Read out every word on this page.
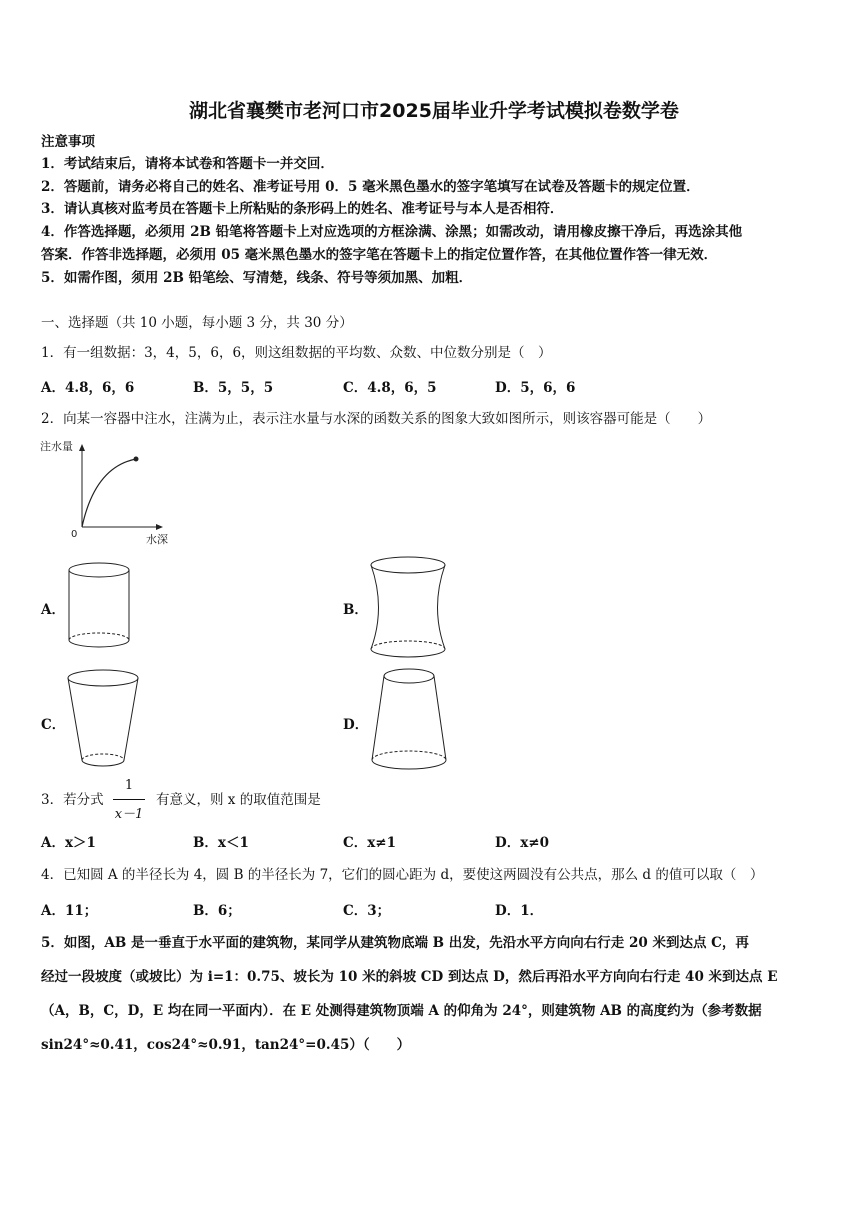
湖北省襄樊市老河口市2025届毕业升学考试模拟卷数学卷
注意事项
1．考试结束后，请将本试卷和答题卡一并交回．
2．答题前，请务必将自己的姓名、准考证号用 0．5 毫米黑色墨水的签字笔填写在试卷及答题卡的规定位置．
3．请认真核对监考员在答题卡上所粘贴的条形码上的姓名、准考证号与本人是否相符．
4．作答选择题，必须用 2B 铅笔将答题卡上对应选项的方框涂满、涂黑；如需改动，请用橡皮擦干净后，再选涂其他
答案．作答非选择题，必须用 05 毫米黑色墨水的签字笔在答题卡上的指定位置作答，在其他位置作答一律无效．
5．如需作图，须用 2B 铅笔绘、写清楚，线条、符号等须加黑、加粗．
一、选择题（共 10 小题，每小题 3 分，共 30 分）
1．有一组数据：3，4，5，6，6，则这组数据的平均数、众数、中位数分别是（　）
A．4.8，6，6	B．5，5，5	C．4.8，6，5	D．5，6，6
2．向某一容器中注水，注满为止，表示注水量与水深的函数关系的图象大致如图所示，则该容器可能是（　　）
注水量
0	水深
A．	B．
C．	D．
3．若分式
1
x－1
有意义，则 x 的取值范围是
A．x＞1	B．x＜1	C．x≠1	D．x≠0
4．已知圆 A 的半径长为 4，圆 B 的半径长为 7，它们的圆心距为 d，要使这两圆没有公共点，那么 d 的值可以取（　）
A．11；	B．6；	C．3；	D．1．
5．如图，AB 是一垂直于水平面的建筑物，某同学从建筑物底端 B 出发，先沿水平方向向右行走 20 米到达点 C，再
经过一段坡度（或坡比）为 i=1：0.75、坡长为 10 米的斜坡 CD 到达点 D，然后再沿水平方向向右行走 40 米到达点 E
（A，B，C，D，E 均在同一平面内）．在 E 处测得建筑物顶端 A 的仰角为 24°，则建筑物 AB 的高度约为（参考数据
sin24°≈0.41，cos24°≈0.91，tan24°=0.45）（　　）
